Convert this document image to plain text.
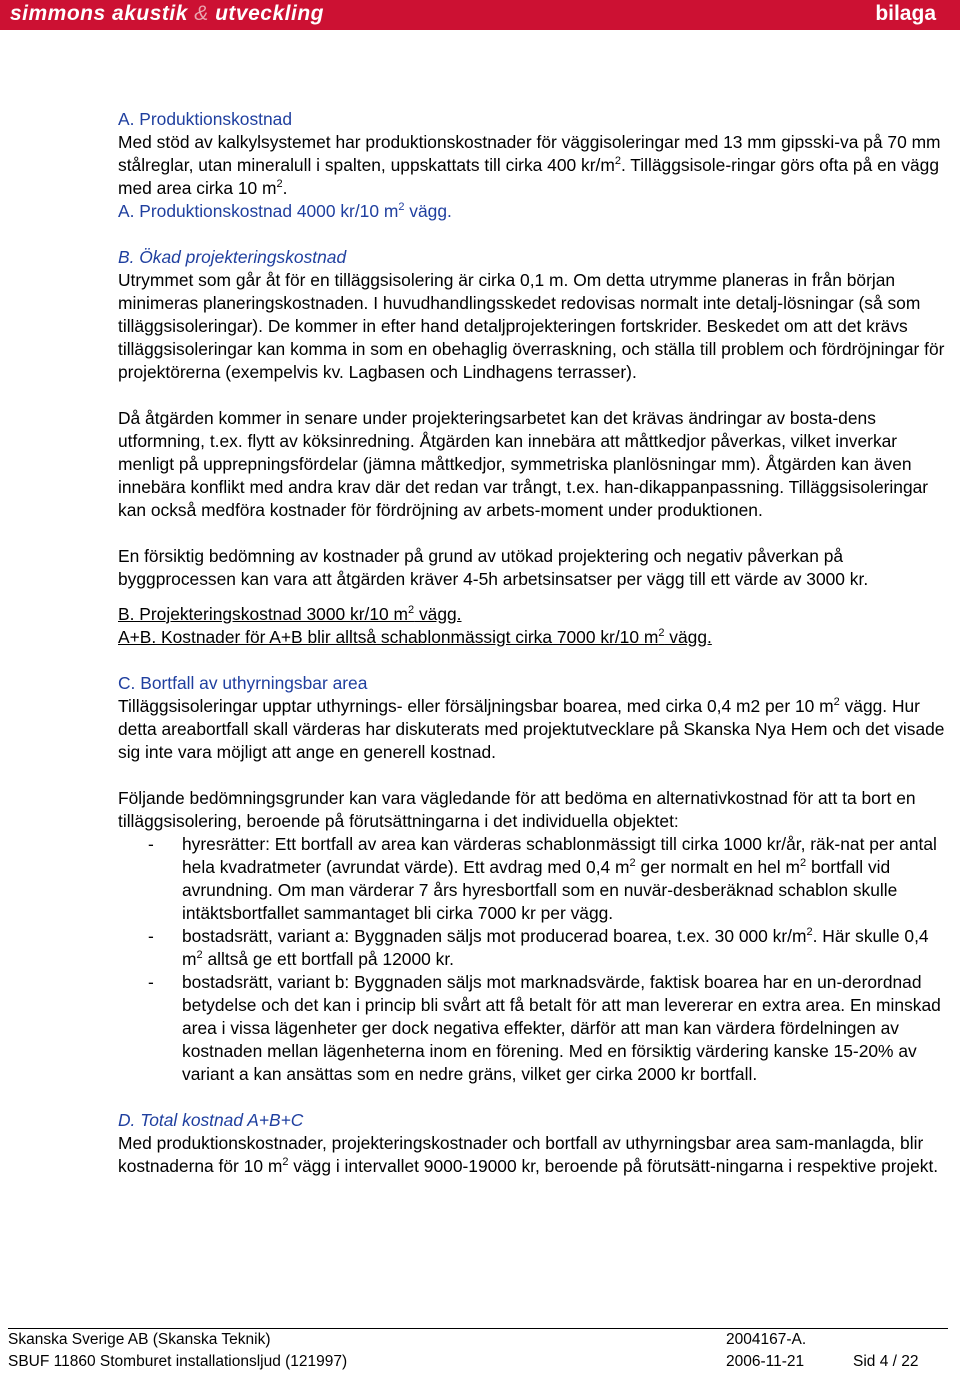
simmons akustik & utveckling	bilaga

A. Produktionskostnad

Med stöd av kalkylsystemet har produktionskostnader för väggisoleringar med 13 mm gipsski-va på 70 mm stålreglar, utan mineralull i spalten, uppskattats till cirka 400 $kr/m^2$. Tilläggsisole-ringar görs ofta på en vägg med area cirka 10 $m^2$.

A. Produktionskostnad 4000 kr/10 $m^2$ vägg.

B. Ökad projekteringskostnad

Utrymmet som går åt för en tilläggsisolering är cirka 0,1 m. Om detta utrymme planeras in från början minimeras planeringskostnaden. I huvudhandlingsskedet redovisas normalt inte detalj-lösningar (så som tilläggsisoleringar). De kommer in efter hand detaljprojekteringen fortskrider. Beskedet om att det krävs tilläggsisoleringar kan komma in som en obehaglig överraskning, och ställa till problem och fördröjningar för projektörerna (exempelvis kv. Lagbasen och Lindhagens terrasser).

Då åtgärden kommer in senare under projekteringsarbetet kan det krävas ändringar av bosta-dens utformning, t.ex. flytt av köksinredning. Åtgärden kan innebära att måttkedjor påverkas, vilket inverkar menligt på upprepningsfördelar (jämna måttkedjor, symmetriska planlösningar mm). Åtgärden kan även innebära konflikt med andra krav där det redan var trångt, t.ex. han-dikappanpassning. Tilläggsisoleringar kan också medföra kostnader för fördröjning av arbets-moment under produktionen.

En försiktig bedömning av kostnader på grund av utökad projektering och negativ påverkan på byggprocessen kan vara att åtgärden kräver 4-5h arbetsinsatser per vägg till ett värde av 3000 kr.

B. Projekteringskostnad 3000 kr/10 $m^2$ vägg.

A+B. Kostnader för A+B blir alltså schablonmässigt cirka 7000 kr/10 $m^2$ vägg.

C. Bortfall av uthyrningsbar area

Tilläggsisoleringar upptar uthyrnings- eller försäljningsbar boarea, med cirka 0,4 m2 per 10 $m^2$ vägg. Hur detta areabortfall skall värderas har diskuterats med projektutvecklare på Skanska Nya Hem och det visade sig inte vara möjligt att ange en generell kostnad.

Följande bedömningsgrunder kan vara vägledande för att bedöma en alternativkostnad för att ta bort en tilläggsisolering, beroende på förutsättningarna i det individuella objektet:

- hyresrätter: Ett bortfall av area kan värderas schablonmässigt till cirka 1000 kr/år, räk-nat per antal hela kvadratmeter (avrundat värde). Ett avdrag med 0,4 $m^2$ ger normalt en hel $m^2$ bortfall vid avrundning. Om man värderar 7 års hyresbortfall som en nuvär-desberäknad schablon skulle intäktsbortfallet sammantaget bli cirka 7000 kr per vägg.
- bostadsrätt, variant a: Byggnaden säljs mot producerad boarea, t.ex. 30 000 $kr/m^2$. Här skulle 0,4 $m^2$ alltså ge ett bortfall på 12000 kr.
- bostadsrätt, variant b: Byggnaden säljs mot marknadsvärde, faktisk boarea har en un-derordnad betydelse och det kan i princip bli svårt att få betalt för att man levererar en extra area. En minskad area i vissa lägenheter ger dock negativa effekter, därför att man kan värdera fördelningen av kostnaden mellan lägenheterna inom en förening. Med en försiktig värdering kanske 15-20% av variant a kan ansättas som en nedre gräns, vilket ger cirka 2000 kr bortfall.

D. Total kostnad A+B+C

Med produktionskostnader, projekteringskostnader och bortfall av uthyrningsbar area sam-manlagda, blir kostnaderna för 10 $m^2$ vägg i intervallet 9000-19000 kr, beroende på förutsätt-ningarna i respektive projekt.

Skanska Sverige AB (Skanska Teknik)	2004167-A.
SBUF 11860 Stomburet installationsljud (121997)	2006-11-21	Sid 4 / 22
